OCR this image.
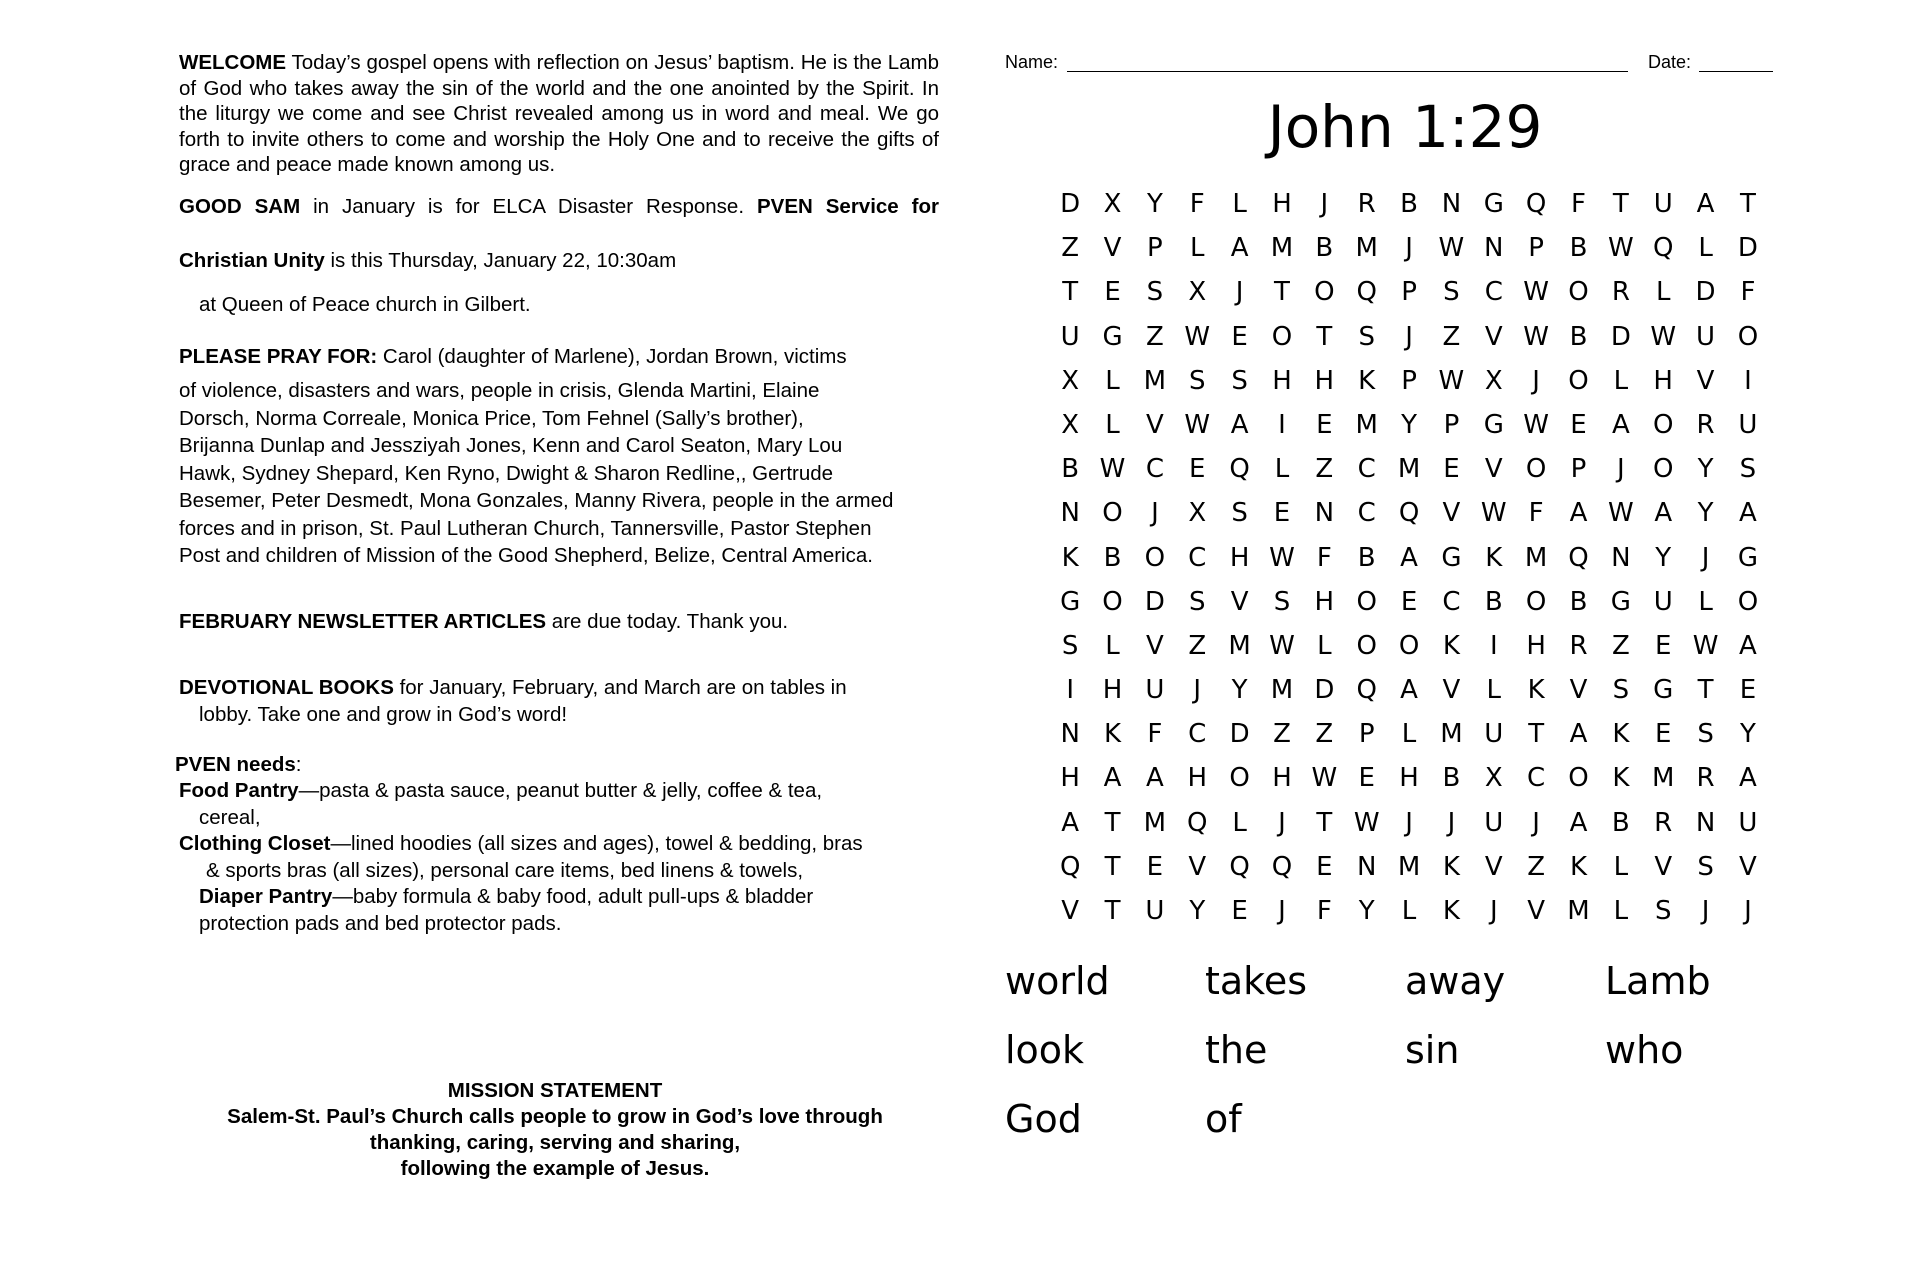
WELCOME Today’s gospel opens with reflection on Jesus’ baptism. He is the Lamb of God who takes away the sin of the world and the one anointed by the Spirit. In the liturgy we come and see Christ revealed among us in word and meal. We go forth to invite others to come and worship the Holy One and to receive the gifts of grace and peace made known among us.
GOOD SAM in January is for ELCA Disaster Response. PVEN Service for
Christian Unity is this Thursday, January 22, 10:30am
at Queen of Peace church in Gilbert.
PLEASE PRAY FOR: Carol (daughter of Marlene), Jordan Brown, victims
of violence, disasters and wars, people in crisis, Glenda Martini, Elaine
Dorsch, Norma Correale, Monica Price, Tom Fehnel (Sally’s brother),
Brijanna Dunlap and Jessziyah Jones, Kenn and Carol Seaton, Mary Lou
Hawk, Sydney Shepard, Ken Ryno, Dwight & Sharon Redline,, Gertrude
Besemer, Peter Desmedt, Mona Gonzales, Manny Rivera, people in the armed
forces and in prison, St. Paul Lutheran Church, Tannersville, Pastor Stephen
Post and children of Mission of the Good Shepherd, Belize, Central America.
FEBRUARY NEWSLETTER ARTICLES are due today. Thank you.
DEVOTIONAL BOOKS for January, February, and March are on tables in
lobby. Take one and grow in God’s word!
PVEN needs:
Food Pantry—pasta & pasta sauce, peanut butter & jelly, coffee & tea,
cereal,
Clothing Closet—lined hoodies (all sizes and ages), towel & bedding, bras
& sports bras (all sizes), personal care items, bed linens & towels,
Diaper Pantry—baby formula & baby food, adult pull-ups & bladder
protection pads and bed protector pads.
MISSION STATEMENT
Salem-St. Paul’s Church calls people to grow in God’s love through
thanking, caring, serving and sharing,
following the example of Jesus.
Name:	Date:
John 1:29
D X Y	F	L H	J	R B N G Q F	T U A T
Z V P	L	A M B M	J W N P B W Q L D
T	E S X	J	T O Q P	S C W O R	L D F
U G Z W E O T	S	J	Z V W B D W U O
X	L M S S H H K P W X	J	O L H V	I
X	L	V W A	I	E M Y	P G W E A O R U
B W C E Q L	Z C M E V O P	J	O Y	S
N O	J	X S E N C Q V W F A W A Y A
K B O C H W F B A G K M Q N Y	J	G
G O D S V S H O E C B O B G U L O
S	L	V Z M W L O O K	I	H R Z E W A
I	H U	J	Y M D Q A V	L	K V S G T	E
N K	F C D Z Z P	L M U T A K E S	Y
H A A H O H W E H B X C O K M R A
A T M Q L	J	T W J	J	U	J	A B R N U
Q T	E V Q Q E N M K V Z K	L	V S V
V T U Y	E	J	F	Y	L	K	J	V M L	S	J	J
world	takes	away	Lamb
look	the	sin	who
God	of
